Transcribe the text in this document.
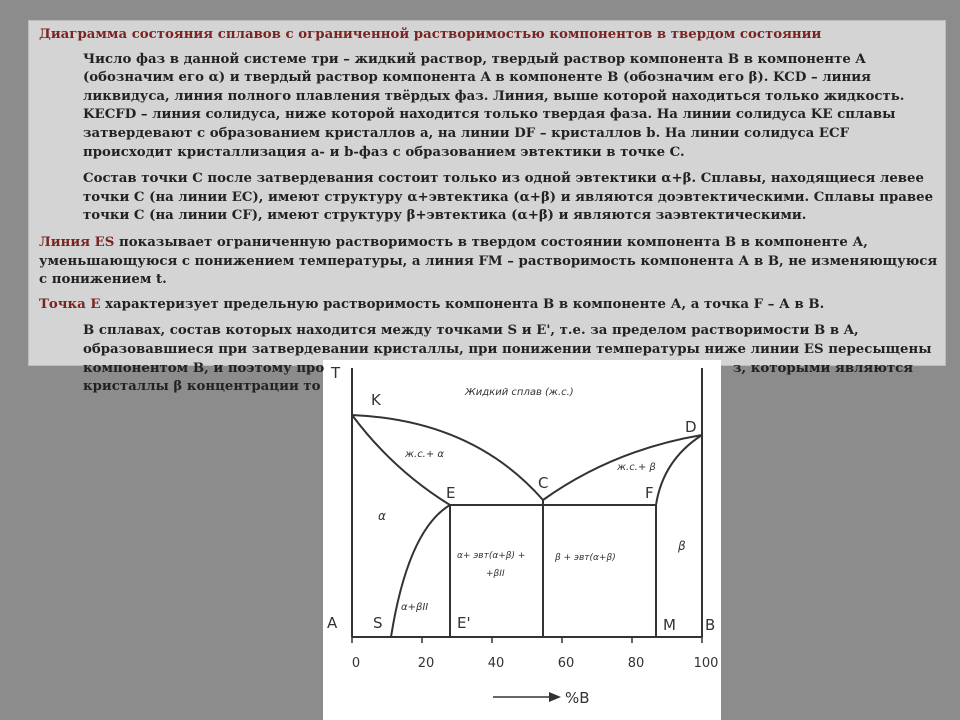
Диаграмма состояния сплавов с ограниченной растворимостью компонентов в твердом состоянии

Число фаз в данной системе три – жидкий раствор, твердый раствор компонента B в компоненте A (обозначим его α) и твердый раствор компонента A в компоненте B (обозначим его β). KCD – линия ликвидуса, линия полного плавления твёрдых фаз. Линия, выше которой находиться только жидкость. KECFD – линия солидуса, ниже которой находится только твердая фаза. На линии солидуса KE сплавы затвердевают с образованием кристаллов a, на линии DF – кристаллов b. На линии солидуса ECF происходит кристаллизация а- и b-фаз с образованием эвтектики в точке C.

Состав точки С после затвердевания состоит только из одной эвтектики α+β. Сплавы, находящиеся левее точки С (на линии ЕС), имеют структуру α+эвтектика (α+β) и являются доэвтектическими. Сплавы правее точки С (на линии CF), имеют структуру β+эвтектика (α+β) и являются заэвтектическими.

Линия ES показывает ограниченную растворимость в твердом состоянии компонента В в компоненте А, уменьшающуюся с понижением температуры, а линия FM – растворимость компонента А в В, не изменяющуюся с понижением t.

Точка Е характеризует предельную растворимость компонента В в компоненте А, а точка F – А в В.

В сплавах, состав которых находится между точками S и E', т.е. за пределом растворимости B в A, образовавшиеся при затвердевании кристаллы, при понижении температуры ниже линии ES пересыщены компонентом B, и поэтому про

кристаллы β концентрации то
з, которыми являются

T
K
D
E
C
F
A S	E'	M B
Жидкий сплав (ж.с.)
ж.с.+ α
ж.с.+ β
α
β
α+βII
α+ эвт(α+β) +
+βII
β + эвт(α+β)
0	20	40	60	80	100
%B
